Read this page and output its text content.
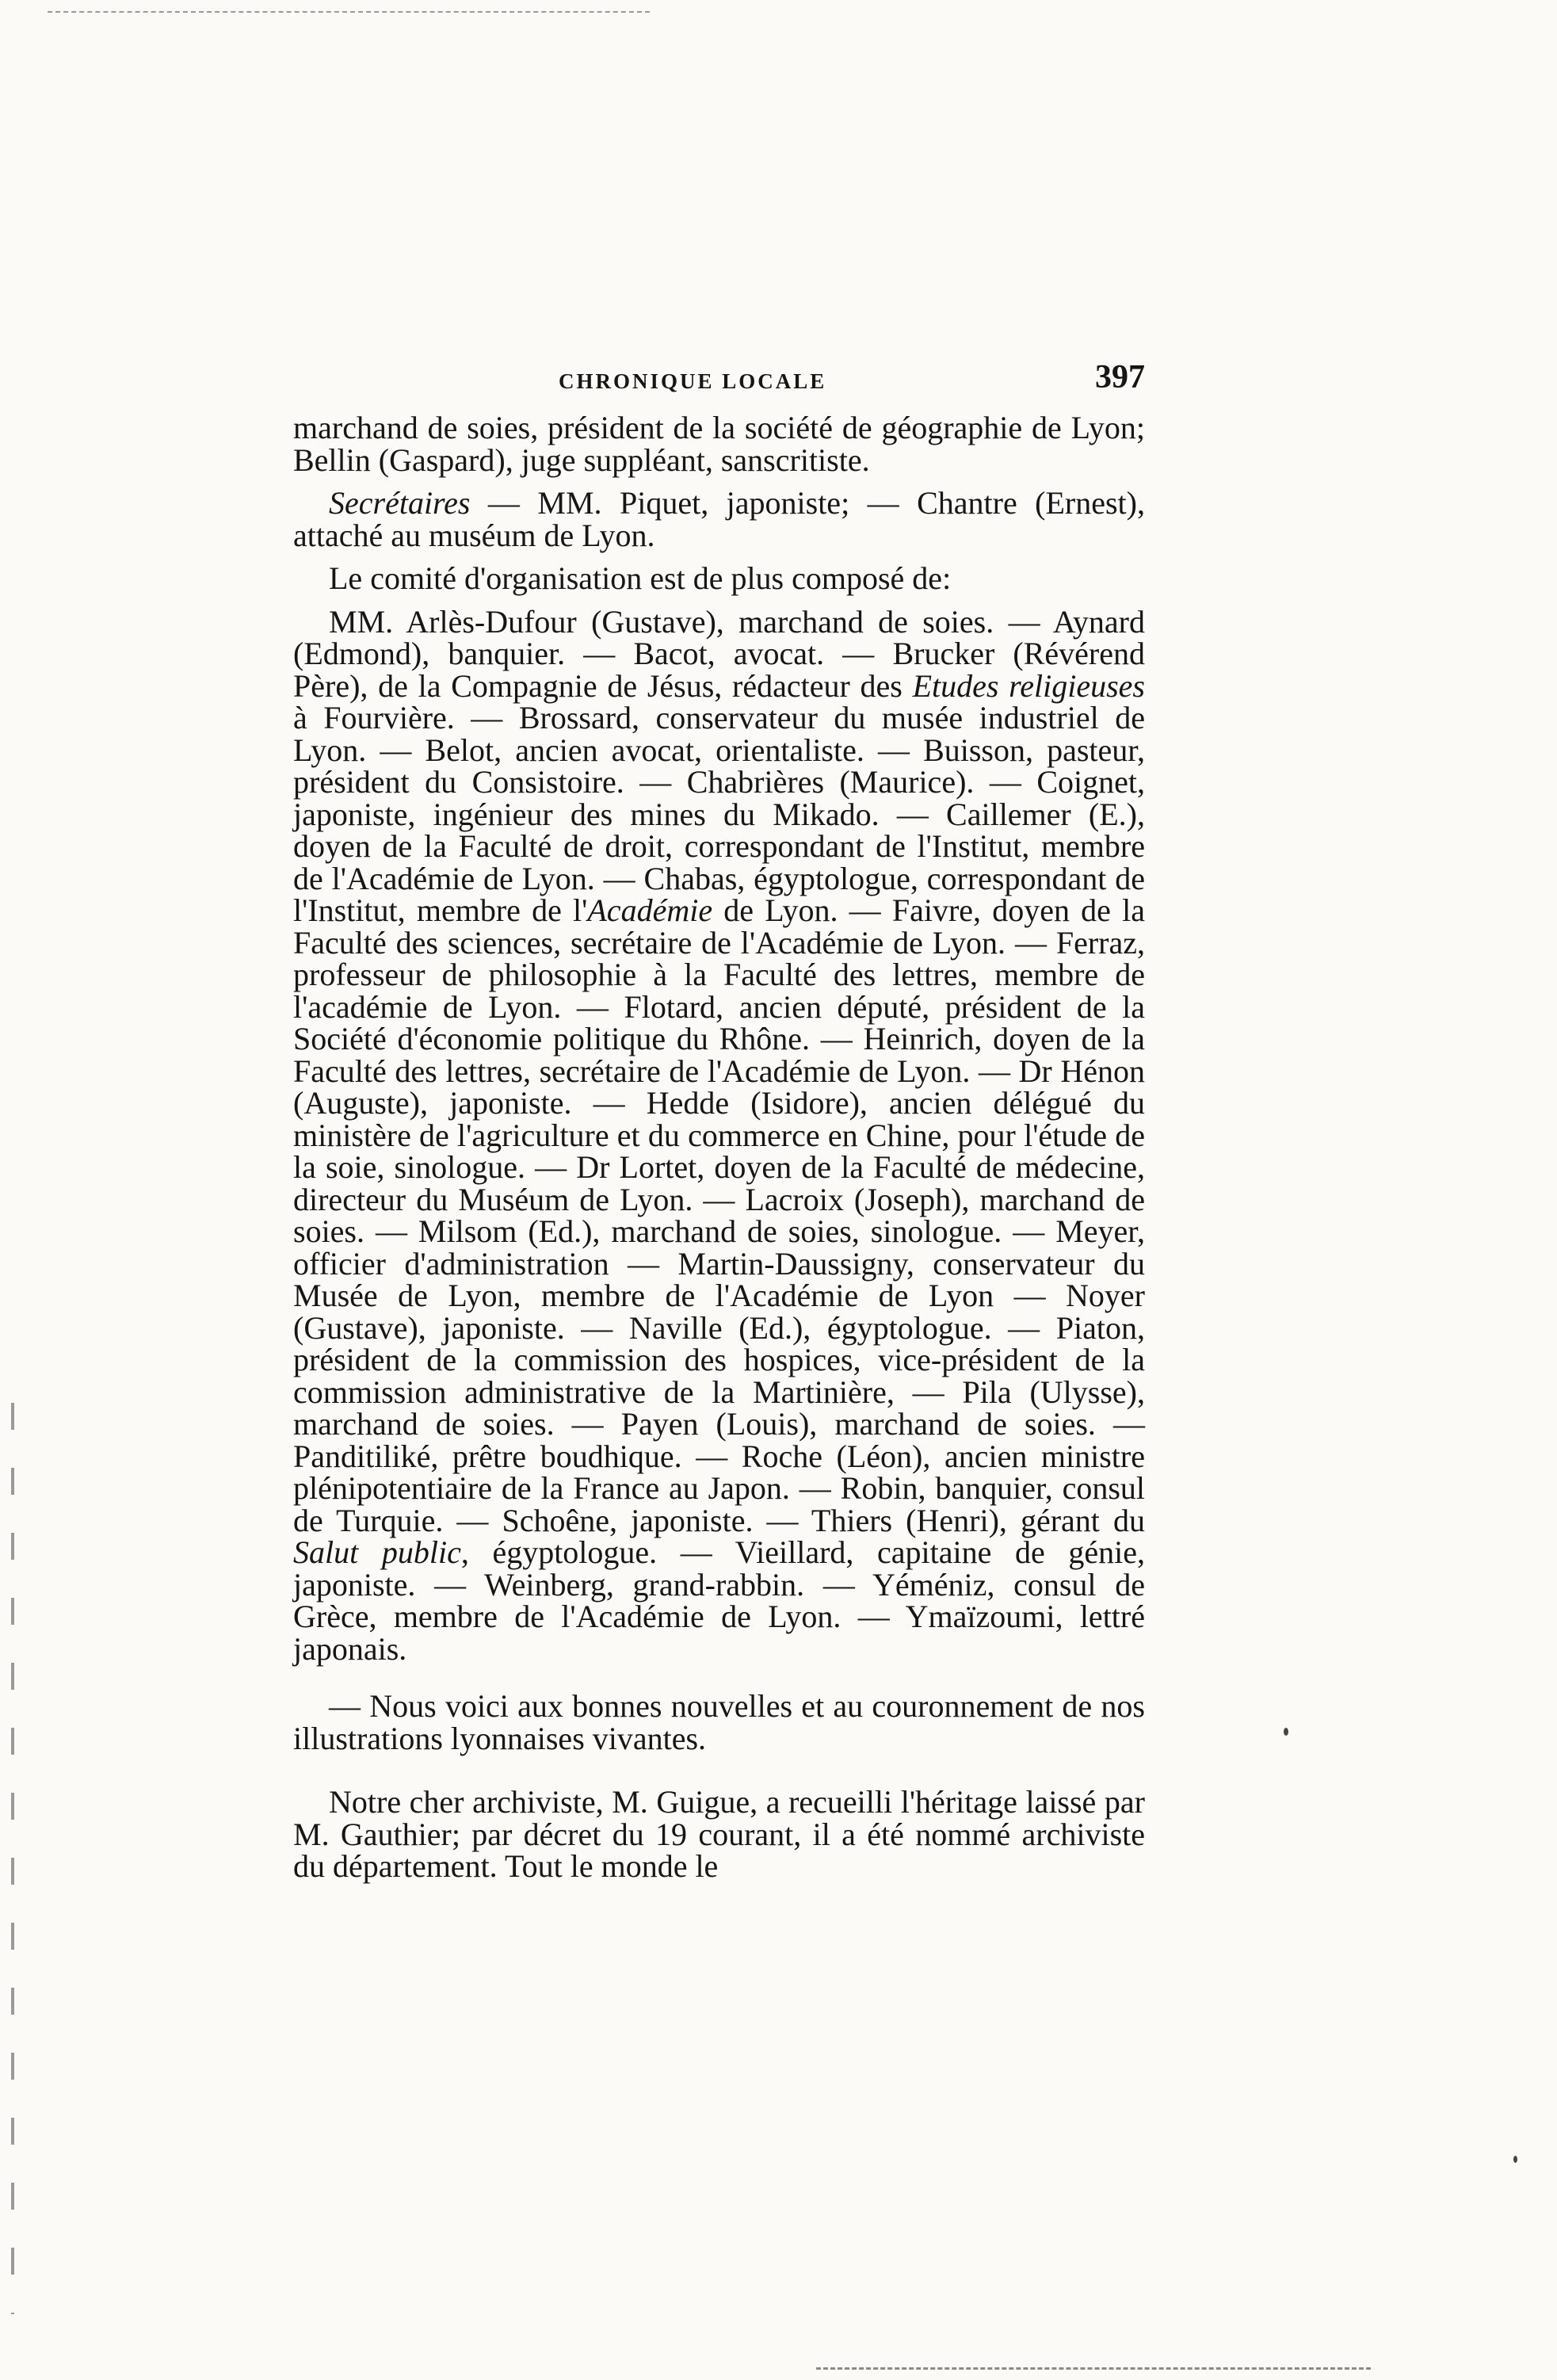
CHRONIQUE LOCALE	397

marchand de soies, président de la société de géographie de Lyon; Bellin (Gaspard), juge suppléant, sanscritiste.

Secrétaires — MM. Piquet, japoniste; — Chantre (Ernest), attaché au muséum de Lyon.

Le comité d'organisation est de plus composé de:

MM. Arlès-Dufour (Gustave), marchand de soies. — Aynard (Edmond), banquier. — Bacot, avocat. — Brucker (Révérend Père), de la Compagnie de Jésus, rédacteur des Etudes religieuses à Fourvière. — Brossard, conservateur du musée industriel de Lyon. — Belot, ancien avocat, orientaliste. — Buisson, pasteur, président du Consistoire. — Chabrières (Maurice). — Coignet, japoniste, ingénieur des mines du Mikado. — Caillemer (E.), doyen de la Faculté de droit, correspondant de l'Institut, membre de l'Académie de Lyon. — Chabas, égyptologue, correspondant de l'Institut, membre de l'Académie de Lyon. — Faivre, doyen de la Faculté des sciences, secrétaire de l'Académie de Lyon. — Ferraz, professeur de philosophie à la Faculté des lettres, membre de l'académie de Lyon. — Flotard, ancien député, président de la Société d'économie politique du Rhône. — Heinrich, doyen de la Faculté des lettres, secrétaire de l'Académie de Lyon. — Dr Hénon (Auguste), japoniste. — Hedde (Isidore), ancien délégué du ministère de l'agriculture et du commerce en Chine, pour l'étude de la soie, sinologue. — Dr Lortet, doyen de la Faculté de médecine, directeur du Muséum de Lyon. — Lacroix (Joseph), marchand de soies. — Milsom (Ed.), marchand de soies, sinologue. — Meyer, officier d'administration — Martin-Daussigny, conservateur du Musée de Lyon, membre de l'Académie de Lyon — Noyer (Gustave), japoniste. — Naville (Ed.), égyptologue. — Piaton, président de la commission des hospices, vice-président de la commission administrative de la Martinière, — Pila (Ulysse), marchand de soies. — Payen (Louis), marchand de soies. — Panditiliké, prêtre boudhique. — Roche (Léon), ancien ministre plénipotentiaire de la France au Japon. — Robin, banquier, consul de Turquie. — Schoêne, japoniste. — Thiers (Henri), gérant du Salut public, égyptologue. — Vieillard, capitaine de génie, japoniste. — Weinberg, grand-rabbin. — Yéméniz, consul de Grèce, membre de l'Académie de Lyon. — Ymaïzoumi, lettré japonais.

— Nous voici aux bonnes nouvelles et au couronnement de nos illustrations lyonnaises vivantes.

Notre cher archiviste, M. Guigue, a recueilli l'héritage laissé par M. Gauthier; par décret du 19 courant, il a été nommé archiviste du département. Tout le monde le
